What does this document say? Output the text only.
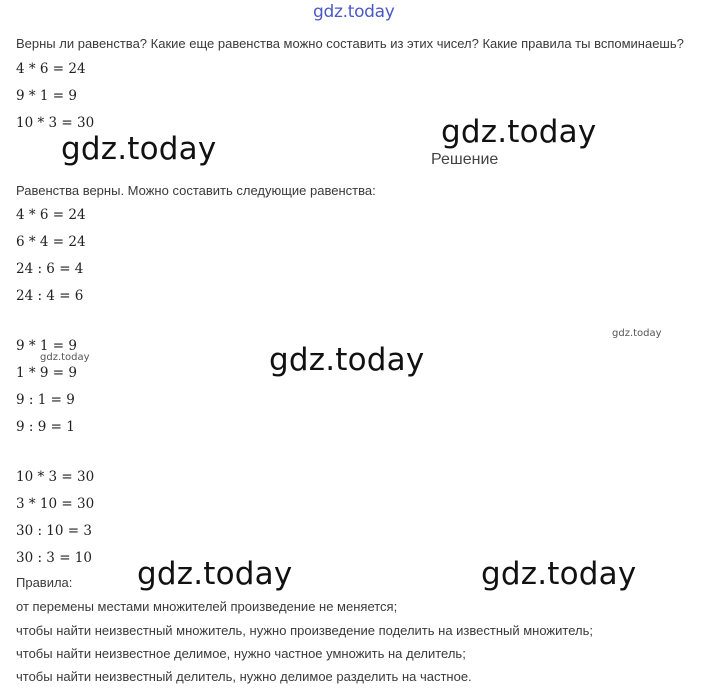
gdz.today
Верны ли равенства? Какие еще равенства можно составить из этих чисел? Какие правила ты вспоминаешь?
4 * 6 = 24
9 * 1 = 9
10 * 3 = 30
gdz.today	gdz.today
Решение
Равенства верны. Можно составить следующие равенства:
4 * 6 = 24
6 * 4 = 24
24 : 6 = 4
24 : 4 = 6
gdz.today
gdz.today	gdz.today
9 * 1 = 9
1 * 9 = 9
9 : 1 = 9
9 : 9 = 1
10 * 3 = 30
3 * 10 = 30
30 : 10 = 3
30 : 3 = 10 gdz.today	gdz.today
Правила:
от перемены местами множителей произведение не меняется;
чтобы найти неизвестный множитель, нужно произведение поделить на известный множитель;
чтобы найти неизвестное делимое, нужно частное умножить на делитель;
чтобы найти неизвестный делитель, нужно делимое разделить на частное.
